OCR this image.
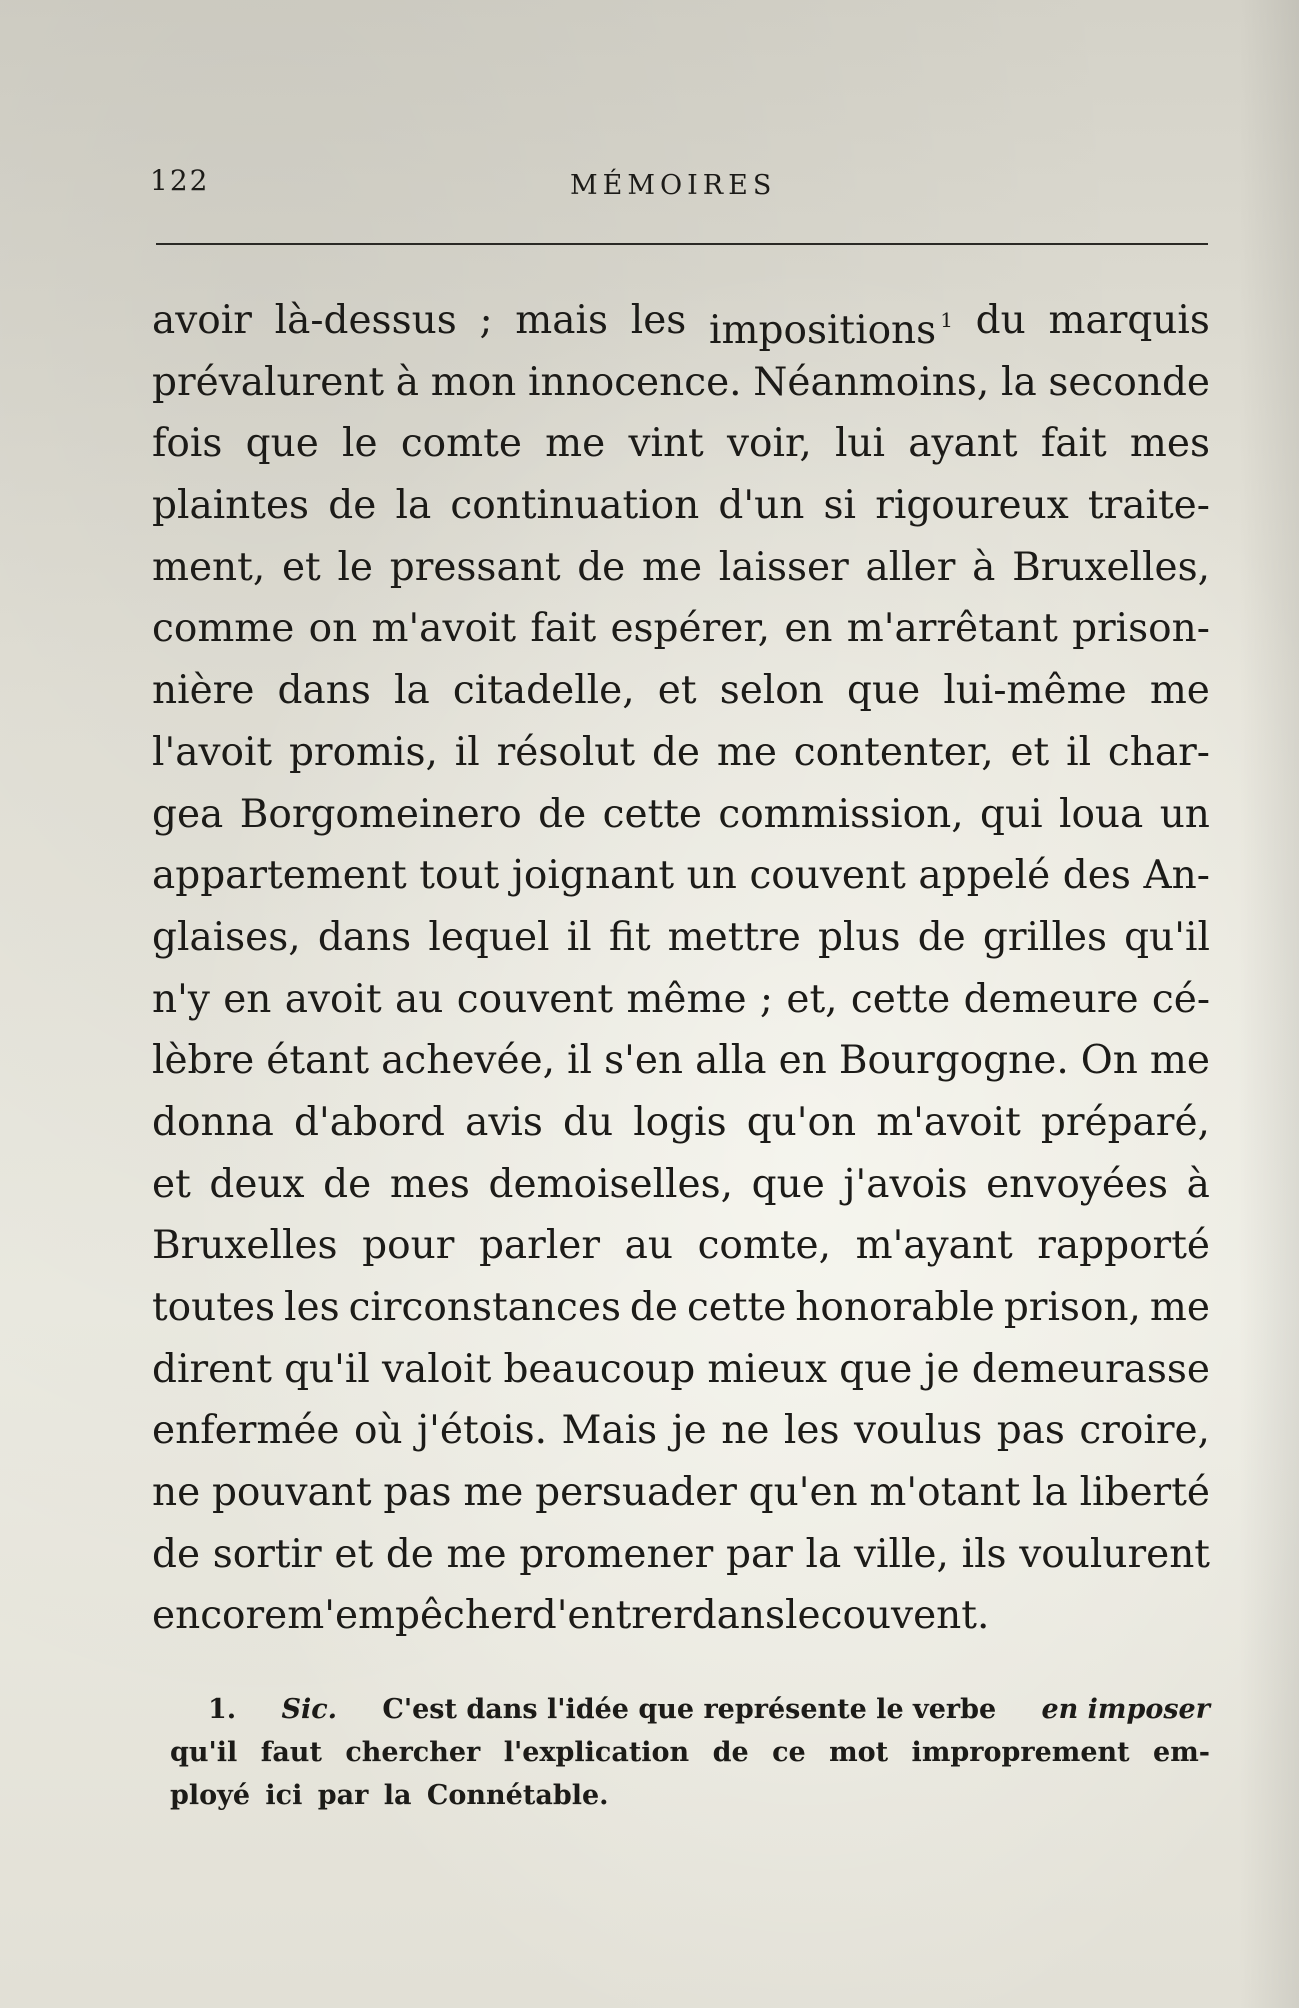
122	MÉMOIRES
avoir là-dessus ; mais les impositions $^1$ du marquis
prévalurent à mon innocence. Néanmoins, la seconde
fois que le comte me vint voir, lui ayant fait mes
plaintes de la continuation d'un si rigoureux traite-
ment, et le pressant de me laisser aller à Bruxelles,
comme on m'avoit fait espérer, en m'arrêtant prison-
nière dans la citadelle, et selon que lui-même me
l'avoit promis, il résolut de me contenter, et il char-
gea Borgomeinero de cette commission, qui loua un
appartement tout joignant un couvent appelé des An-
glaises, dans lequel il fit mettre plus de grilles qu'il
n'y en avoit au couvent même ; et, cette demeure cé-
lèbre étant achevée, il s'en alla en Bourgogne. On me
donna d'abord avis du logis qu'on m'avoit préparé,
et deux de mes demoiselles, que j'avois envoyées à
Bruxelles pour parler au comte, m'ayant rapporté
toutes les circonstances de cette honorable prison, me
dirent qu'il valoit beaucoup mieux que je demeurasse
enfermée où j'étois. Mais je ne les voulus pas croire,
ne pouvant pas me persuader qu'en m'otant la liberté
de sortir et de me promener par la ville, ils voulurent
encore m'empêcher d'entrer dans le couvent.
1. Sic. C'est dans l'idée que représente le verbe en imposer
qu'il faut chercher l'explication de ce mot improprement em-
ployé ici par la Connétable.
